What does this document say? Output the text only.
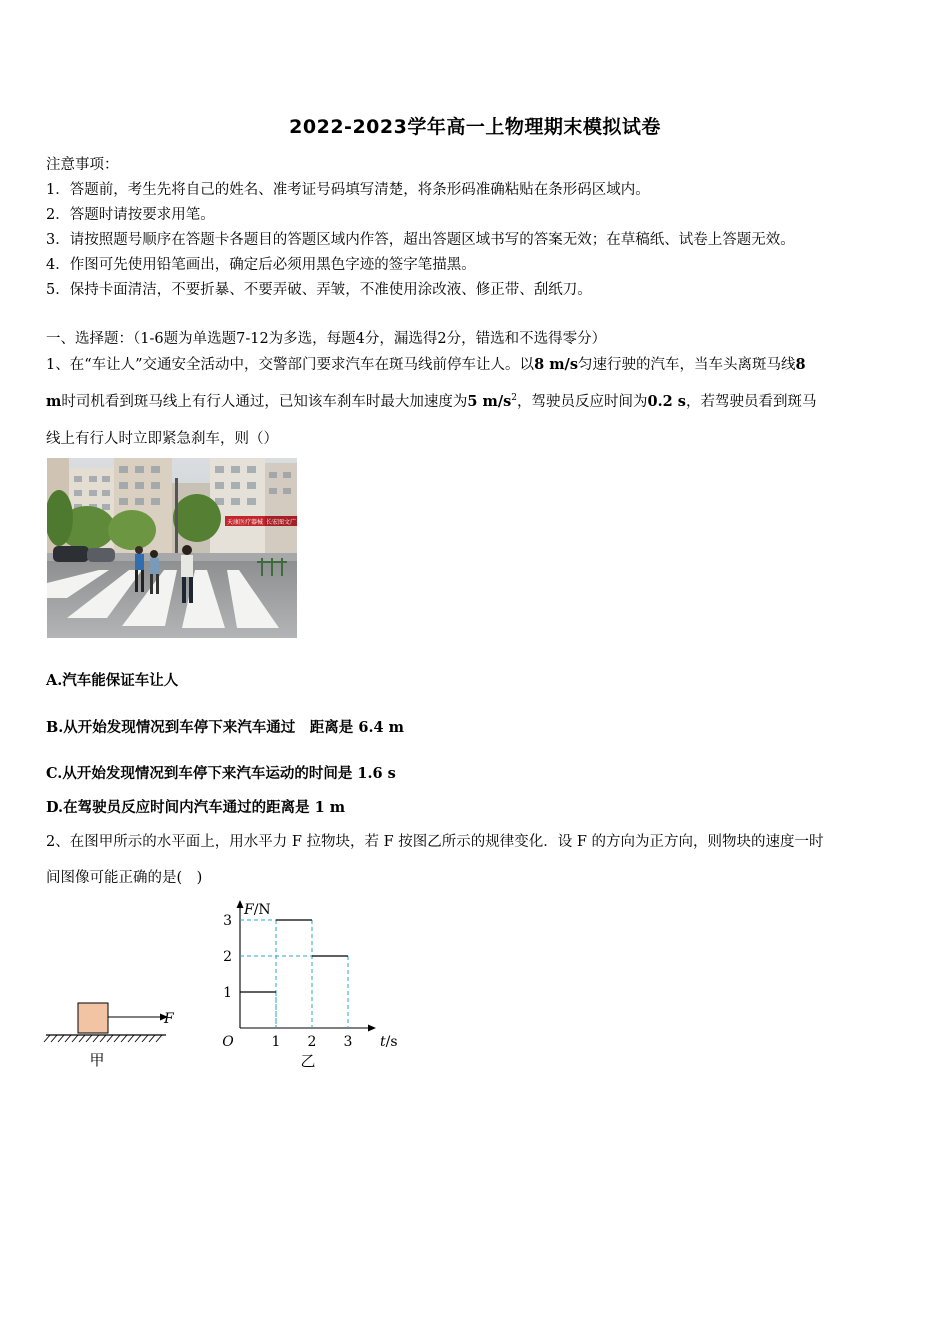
2022-2023学年高一上物理期末模拟试卷
注意事项：
1．答题前，考生先将自己的姓名、准考证号码填写清楚，将条形码准确粘贴在条形码区域内。
2．答题时请按要求用笔。
3．请按照题号顺序在答题卡各题目的答题区域内作答，超出答题区域书写的答案无效；在草稿纸、试卷上答题无效。
4．作图可先使用铅笔画出，确定后必须用黑色字迹的签字笔描黑。
5．保持卡面清洁，不要折暴、不要弄破、弄皱，不准使用涂改液、修正带、刮纸刀。
一、选择题：（1-6题为单选题7-12为多选，每题4分，漏选得2分，错选和不选得零分）

1、在“车让人”交通安全活动中，交警部门要求汽车在斑马线前停车让人。以8 m/s匀速行驶的汽车，当车头离斑马线8

m时司机看到斑马线上有行人通过，已知该车刹车时最大加速度为5 $m/s^2$，驾驶员反应时间为0.2 s，若驾驶员看到斑马

线上有行人时立即紧急刹车，则（）

天康医疗器械 长宏图文广
A.汽车能保证车让人
B.从开始发现情况到车停下来汽车通过　距离是 6.4 m
C.从开始发现情况到车停下来汽车运动的时间是 1.6 s
D.在驾驶员反应时间内汽车通过的距离是 1 m
2、在图甲所示的水平面上，用水平力 F 拉物块，若 F 按图乙所示的规律变化．设 F 的方向为正方向，则物块的速度一时
间图像可能正确的是(　)
F
甲
1 2 3
1
2
3
O
F/N
t/s
乙
